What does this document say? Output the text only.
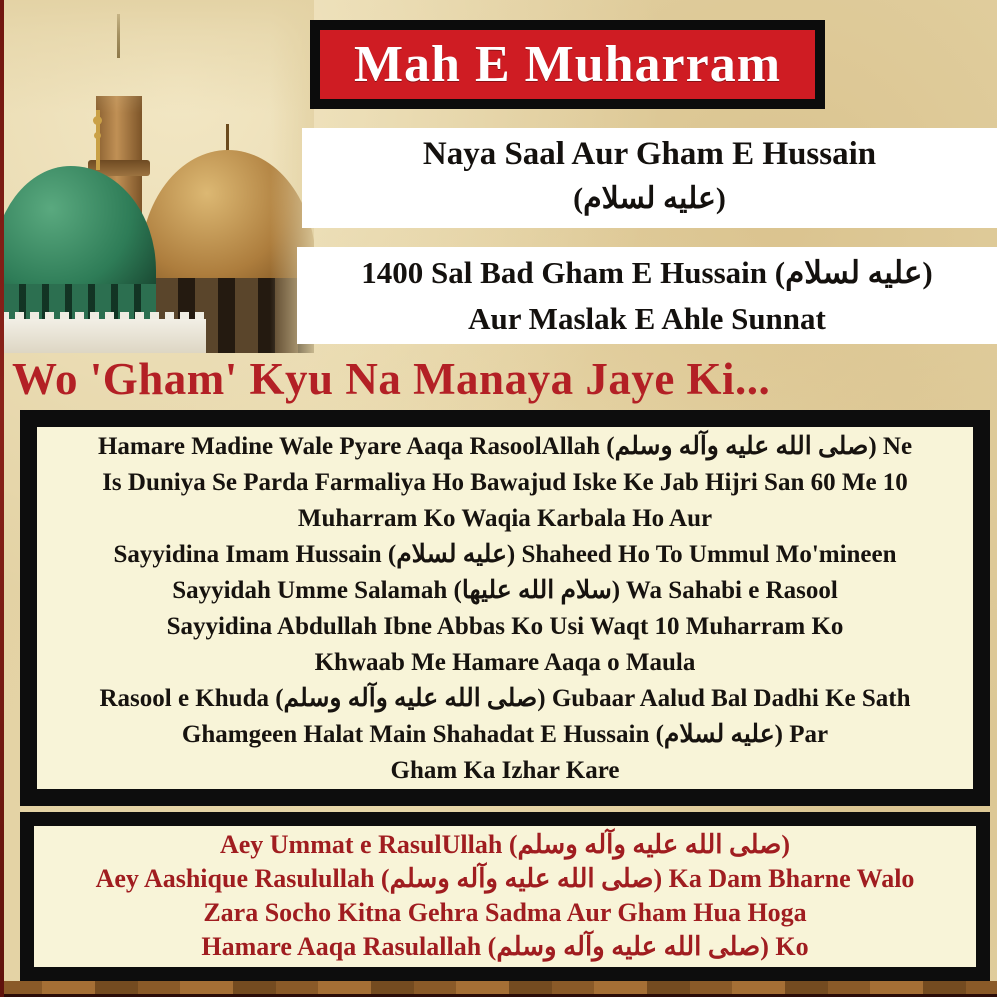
Mah E Muharram

Naya Saal Aur Gham E Hussain

(عليه لسلام)

1400 Sal Bad Gham E Hussain (عليه لسلام)

Aur Maslak E Ahle Sunnat

Wo 'Gham' Kyu Na Manaya Jaye Ki...

Hamare Madine Wale Pyare Aaqa RasoolAllah (صلى الله عليه وآله وسلم) Ne

Is Duniya Se Parda Farmaliya Ho Bawajud Iske Ke Jab Hijri San 60 Me 10

Muharram Ko Waqia Karbala Ho Aur

Sayyidina Imam Hussain (عليه لسلام) Shaheed Ho To Ummul Mo'mineen

Sayyidah Umme Salamah (سلام الله عليها) Wa Sahabi e Rasool

Sayyidina Abdullah Ibne Abbas Ko Usi Waqt 10 Muharram Ko

Khwaab Me Hamare Aaqa o Maula

Rasool e Khuda (صلى الله عليه وآله وسلم) Gubaar Aalud Bal Dadhi Ke Sath

Ghamgeen Halat Main Shahadat E Hussain (عليه لسلام) Par

Gham Ka Izhar Kare

Aey Ummat e RasulUllah (صلى الله عليه وآله وسلم)

Aey Aashique Rasulullah (صلى الله عليه وآله وسلم) Ka Dam Bharne Walo

Zara Socho Kitna Gehra Sadma Aur Gham Hua Hoga

Hamare Aaqa Rasulallah (صلى الله عليه وآله وسلم) Ko
